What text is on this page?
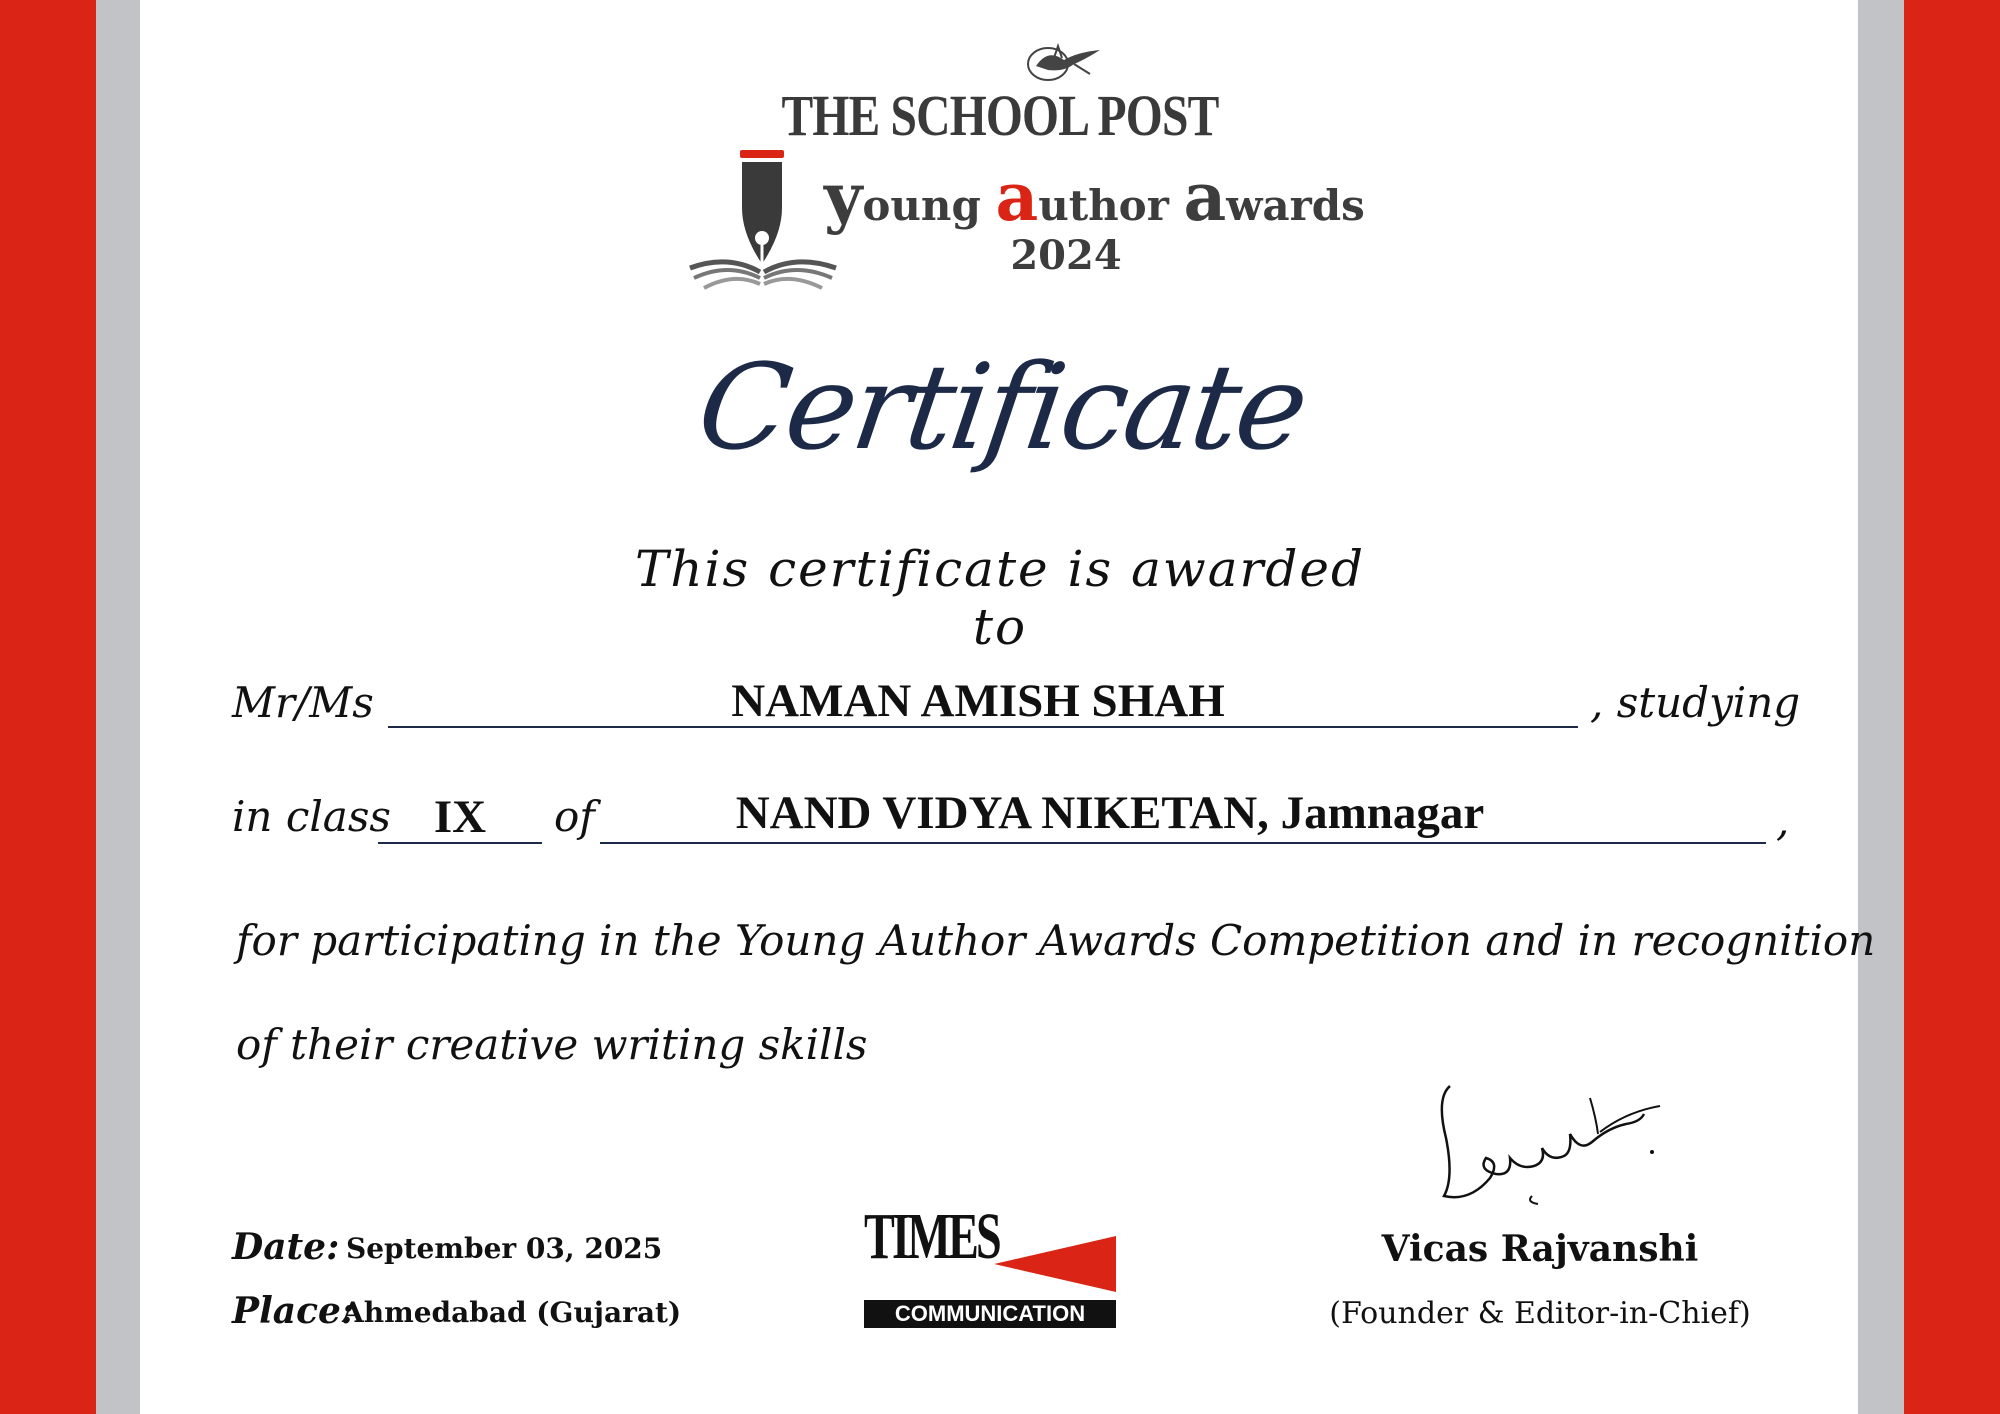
THE SCHOOL POST
young author awards
2024
Certificate
This certificate is awarded to
Mr/Ms	NAMAN AMISH SHAH	, studying
in class IX	of	NAND VIDYA NIKETAN, Jamnagar	,
for participating in the Young Author Awards Competition and in recognition
of their creative writing skills
Date: September 03, 2025
Place:
Ahmedabad (Gujarat)
TIMES
COMMUNICATION
Vicas Rajvanshi
(Founder & Editor-in-Chief)
